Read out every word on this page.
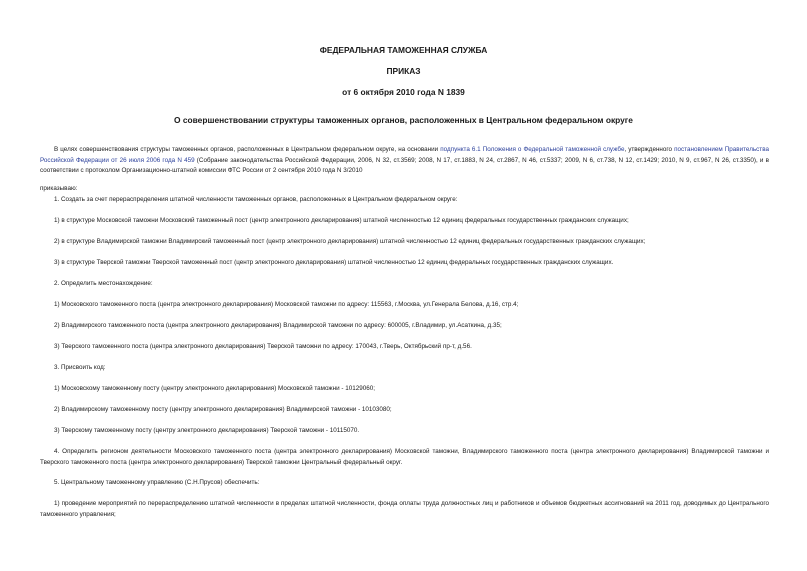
ФЕДЕРАЛЬНАЯ ТАМОЖЕННАЯ СЛУЖБА
ПРИКАЗ
от 6 октября 2010 года N 1839
О совершенствовании структуры таможенных органов, расположенных в Центральном федеральном округе
В целях совершенствования структуры таможенных органов, расположенных в Центральном федеральном округе, на основании подпункта 6.1 Положения о Федеральной таможенной службе, утвержденного постановлением Правительства Российской Федерации от 26 июля 2006 года N 459 (Собрание законодательства Российской Федерации, 2006, N 32, ст.3569; 2008, N 17, ст.1883, N 24, ст.2867, N 46, ст.5337; 2009, N 6, ст.738, N 12, ст.1429; 2010, N 9, ст.967, N 26, ст.3350), и в соответствии с протоколом Организационно-штатной комиссии ФТС России от 2 сентября 2010 года N 3/2010
приказываю:
1. Создать за счет перераспределения штатной численности таможенных органов, расположенных в Центральном федеральном округе:
1) в структуре Московской таможни Московский таможенный пост (центр электронного декларирования) штатной численностью 12 единиц федеральных государственных гражданских служащих;
2) в структуре Владимирской таможни Владимирский таможенный пост (центр электронного декларирования) штатной численностью 12 единиц федеральных государственных гражданских служащих;
3) в структуре Тверской таможни Тверской таможенный пост (центр электронного декларирования) штатной численностью 12 единиц федеральных государственных гражданских служащих.
2. Определить местонахождение:
1) Московского таможенного поста (центра электронного декларирования) Московской таможни по адресу: 115563, г.Москва, ул.Генерала Белова, д.16, стр.4;
2) Владимирского таможенного поста (центра электронного декларирования) Владимирской таможни по адресу: 600005, г.Владимир, ул.Асаткина, д.35;
3) Тверского таможенного поста (центра электронного декларирования) Тверской таможни по адресу: 170043, г.Тверь, Октябрьский пр-т, д.56.
3. Присвоить код:
1) Московскому таможенному посту (центру электронного декларирования) Московской таможни - 10129060;
2) Владимирскому таможенному посту (центру электронного декларирования) Владимирской таможни - 10103080;
3) Тверскому таможенному посту (центру электронного декларирования) Тверской таможни - 10115070.
4. Определить регионом деятельности Московского таможенного поста (центра электронного декларирования) Московской таможни, Владимирского таможенного поста (центра электронного декларирования) Владимирской таможни и Тверского таможенного поста (центра электронного декларирования) Тверской таможни Центральный федеральный округ.
5. Центральному таможенному управлению (С.Н.Прусов) обеспечить:
1) проведение мероприятий по перераспределению штатной численности в пределах штатной численности, фонда оплаты труда должностных лиц и работников и объемов бюджетных ассигнований на 2011 год, доводимых до Центрального таможенного управления;
